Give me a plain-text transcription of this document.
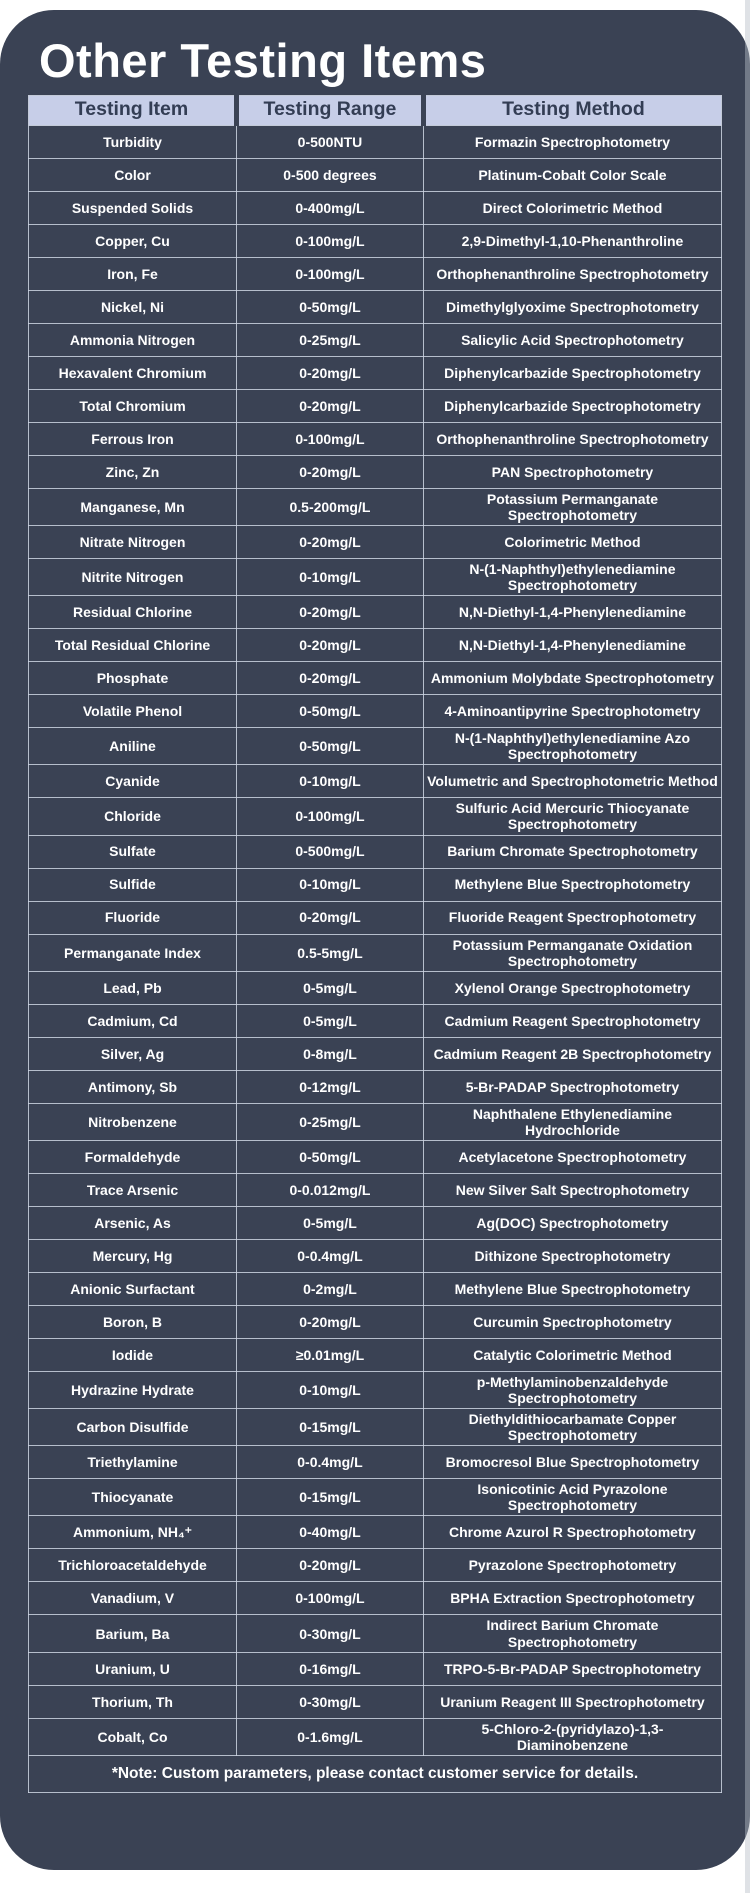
Other Testing Items
Testing Item	Testing Range	Testing Method
Turbidity	0-500NTU	Formazin Spectrophotometry
Color	0-500 degrees	Platinum-Cobalt Color Scale
Suspended Solids	0-400mg/L	Direct Colorimetric Method
Copper, Cu	0-100mg/L	2,9-Dimethyl-1,10-Phenanthroline
Iron, Fe	0-100mg/L	Orthophenanthroline Spectrophotometry
Nickel, Ni	0-50mg/L	Dimethylglyoxime Spectrophotometry
Ammonia Nitrogen	0-25mg/L	Salicylic Acid Spectrophotometry
Hexavalent Chromium	0-20mg/L	Diphenylcarbazide Spectrophotometry
Total Chromium	0-20mg/L	Diphenylcarbazide Spectrophotometry
Ferrous Iron	0-100mg/L	Orthophenanthroline Spectrophotometry
Zinc, Zn	0-20mg/L	PAN Spectrophotometry
Manganese, Mn	0.5-200mg/L	Potassium Permanganate Spectrophotometry
Nitrate Nitrogen	0-20mg/L	Colorimetric Method
Nitrite Nitrogen	0-10mg/L	N-(1-Naphthyl)ethylenediamine Spectrophotometry
Residual Chlorine	0-20mg/L	N,N-Diethyl-1,4-Phenylenediamine
Total Residual Chlorine	0-20mg/L	N,N-Diethyl-1,4-Phenylenediamine
Phosphate	0-20mg/L	Ammonium Molybdate Spectrophotometry
Volatile Phenol	0-50mg/L	4-Aminoantipyrine Spectrophotometry
Aniline	0-50mg/L	N-(1-Naphthyl)ethylenediamine Azo Spectrophotometry
Cyanide	0-10mg/L	Volumetric and Spectrophotometric Method
Chloride	0-100mg/L	Sulfuric Acid Mercuric Thiocyanate Spectrophotometry
Sulfate	0-500mg/L	Barium Chromate Spectrophotometry
Sulfide	0-10mg/L	Methylene Blue Spectrophotometry
Fluoride	0-20mg/L	Fluoride Reagent Spectrophotometry
Permanganate Index	0.5-5mg/L	Potassium Permanganate Oxidation Spectrophotometry
Lead, Pb	0-5mg/L	Xylenol Orange Spectrophotometry
Cadmium, Cd	0-5mg/L	Cadmium Reagent Spectrophotometry
Silver, Ag	0-8mg/L	Cadmium Reagent 2B Spectrophotometry
Antimony, Sb	0-12mg/L	5-Br-PADAP Spectrophotometry
Nitrobenzene	0-25mg/L	Naphthalene Ethylenediamine Hydrochloride
Formaldehyde	0-50mg/L	Acetylacetone Spectrophotometry
Trace Arsenic	0-0.012mg/L	New Silver Salt Spectrophotometry
Arsenic, As	0-5mg/L	Ag(DOC) Spectrophotometry
Mercury, Hg	0-0.4mg/L	Dithizone Spectrophotometry
Anionic Surfactant	0-2mg/L	Methylene Blue Spectrophotometry
Boron, B	0-20mg/L	Curcumin Spectrophotometry
Iodide	≥0.01mg/L	Catalytic Colorimetric Method
Hydrazine Hydrate	0-10mg/L	p-Methylaminobenzaldehyde Spectrophotometry
Carbon Disulfide	0-15mg/L	Diethyldithiocarbamate Copper Spectrophotometry
Triethylamine	0-0.4mg/L	Bromocresol Blue Spectrophotometry
Thiocyanate	0-15mg/L	Isonicotinic Acid Pyrazolone Spectrophotometry
Ammonium, NH₄⁺	0-40mg/L	Chrome Azurol R Spectrophotometry
Trichloroacetaldehyde	0-20mg/L	Pyrazolone Spectrophotometry
Vanadium, V	0-100mg/L	BPHA Extraction Spectrophotometry
Barium, Ba	0-30mg/L	Indirect Barium Chromate Spectrophotometry
Uranium, U	0-16mg/L	TRPO-5-Br-PADAP Spectrophotometry
Thorium, Th	0-30mg/L	Uranium Reagent III Spectrophotometry
Cobalt, Co	0-1.6mg/L	5-Chloro-2-(pyridylazo)-1,3-Diaminobenzene
*Note: Custom parameters, please contact customer service for details.		
